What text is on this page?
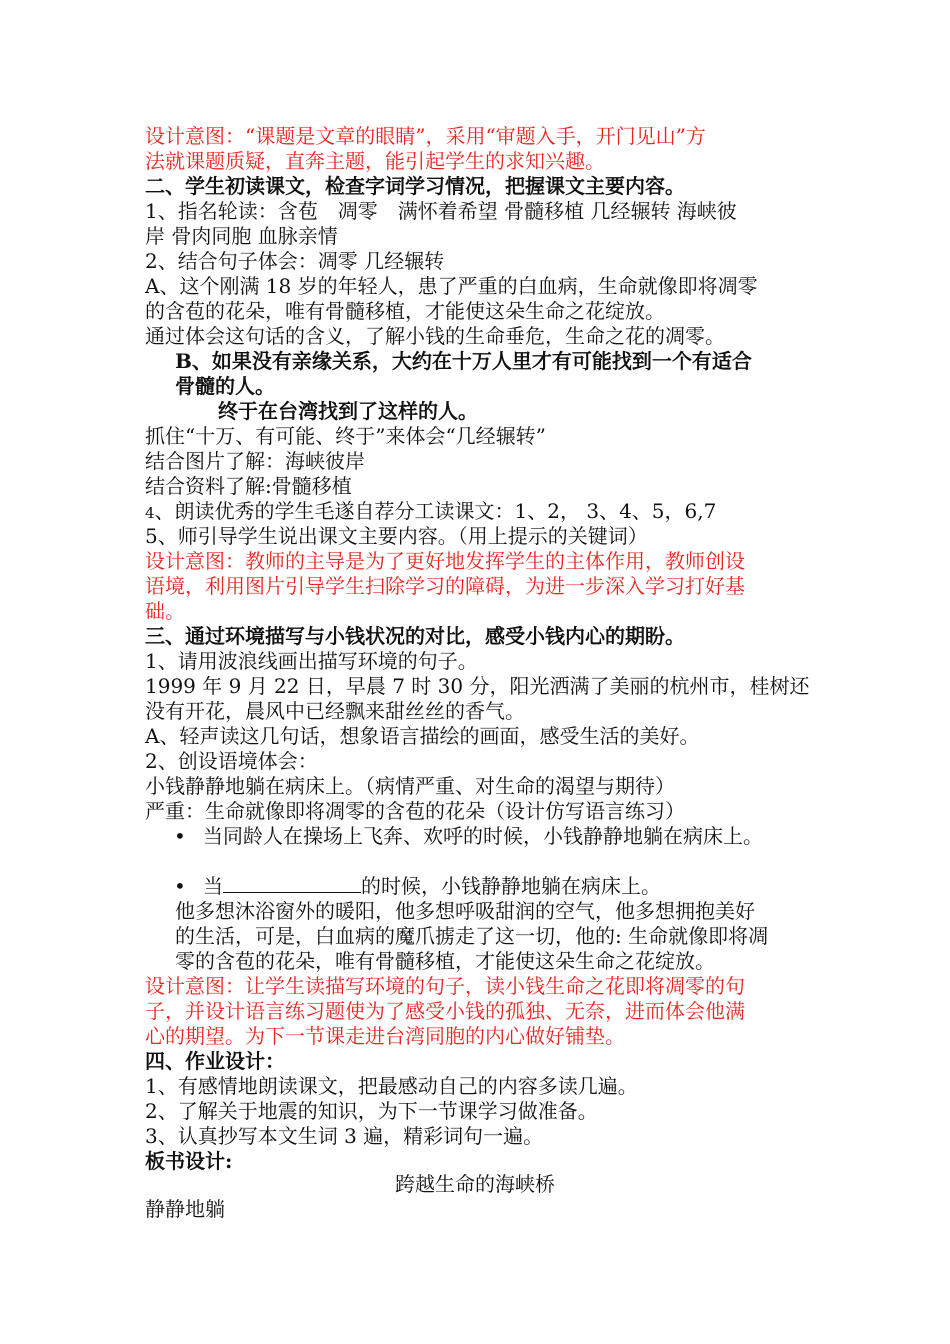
设计意图：“课题是文章的眼睛”，采用“审题入手，开门见山”方
法就课题质疑，直奔主题，能引起学生的求知兴趣。
二、学生初读课文，检查字词学习情况，把握课文主要内容。
1、指名轮读：含苞　凋零　满怀着希望 骨髓移植 几经辗转 海峡彼
岸 骨肉同胞 血脉亲情
2、结合句子体会：凋零 几经辗转
A、这个刚满 18 岁的年轻人，患了严重的白血病，生命就像即将凋零
的含苞的花朵，唯有骨髓移植，才能使这朵生命之花绽放。
通过体会这句话的含义，了解小钱的生命垂危，生命之花的凋零。
B、如果没有亲缘关系，大约在十万人里才有可能找到一个有适合
骨髓的人。
终于在台湾找到了这样的人。
抓住“十万、有可能、终于”来体会“几经辗转”
结合图片了解：海峡彼岸
结合资料了解:骨髓移植
4、朗读优秀的学生毛遂自荐分工读课文：1、2， 3、4、5，6,7
5、师引导学生说出课文主要内容。（用上提示的关键词）
设计意图：教师的主导是为了更好地发挥学生的主体作用，教师创设
语境，利用图片引导学生扫除学习的障碍，为进一步深入学习打好基
础。
三、通过环境描写与小钱状况的对比，感受小钱内心的期盼。
1、请用波浪线画出描写环境的句子。
1999 年 9 月 22 日，早晨 7 时 30 分，阳光洒满了美丽的杭州市，桂树还
没有开花，晨风中已经飘来甜丝丝的香气。
A、轻声读这几句话，想象语言描绘的画面，感受生活的美好。
2、创设语境体会：
小钱静静地躺在病床上。（病情严重、对生命的渴望与期待）
严重：生命就像即将凋零的含苞的花朵（设计仿写语言练习）
• 当同龄人在操场上飞奔、欢呼的时候，小钱静静地躺在病床上。
• 当	的时候，小钱静静地躺在病床上。
他多想沐浴窗外的暖阳，他多想呼吸甜润的空气，他多想拥抱美好
的生活，可是，白血病的魔爪掳走了这一切，他的: 生命就像即将凋
零的含苞的花朵，唯有骨髓移植，才能使这朵生命之花绽放。
设计意图：让学生读描写环境的句子，读小钱生命之花即将凋零的句
子，并设计语言练习题使为了感受小钱的孤独、无奈，进而体会他满
心的期望。为下一节课走进台湾同胞的内心做好铺垫。
四、作业设计：
1、有感情地朗读课文，把最感动自己的内容多读几遍。
2、了解关于地震的知识，为下一节课学习做准备。
3、认真抄写本文生词 3 遍，精彩词句一遍。
板书设计:
跨越生命的海峡桥
静静地躺
